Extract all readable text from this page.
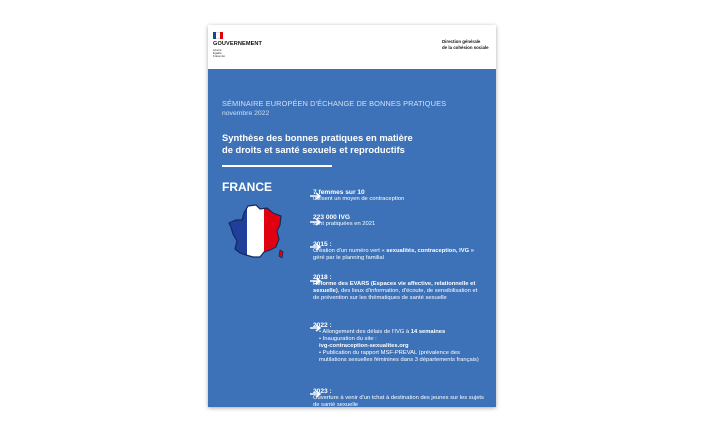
GOUVERNEMENT
Liberté
Égalité
Fraternité
Direction générale
de la cohésion sociale
SÉMINAIRE EUROPÉEN D'ÉCHANGE DE BONNES PRATIQUES
novembre 2022
Synthèse des bonnes pratiques en matière
de droits et santé sexuels et reproductifs
FRANCE	7 femmes sur 10
utilisent un moyen de contraception
223 000 IVG
sont pratiquées en 2021
2015 :
Création d'un numéro vert « sexualités, contraception, IVG » géré par le planning familial
2018 :
Réforme des EVARS (Espaces vie affective, relationnelle et sexuelle), des lieux d'information, d'écoute, de sensibilisation et de prévention sur les thématiques de santé sexuelle
2022 :
• Allongement des délais de l'IVG à 14 semaines
• Inauguration du site :
ivg-contraception-sexualites.org
• Publication du rapport MSF-PREVAL (prévalence des mutilations sexuelles féminines dans 3 départements français)
2023 :
Ouverture à venir d'un tchat à destination des jeunes sur les sujets de santé sexuelle
